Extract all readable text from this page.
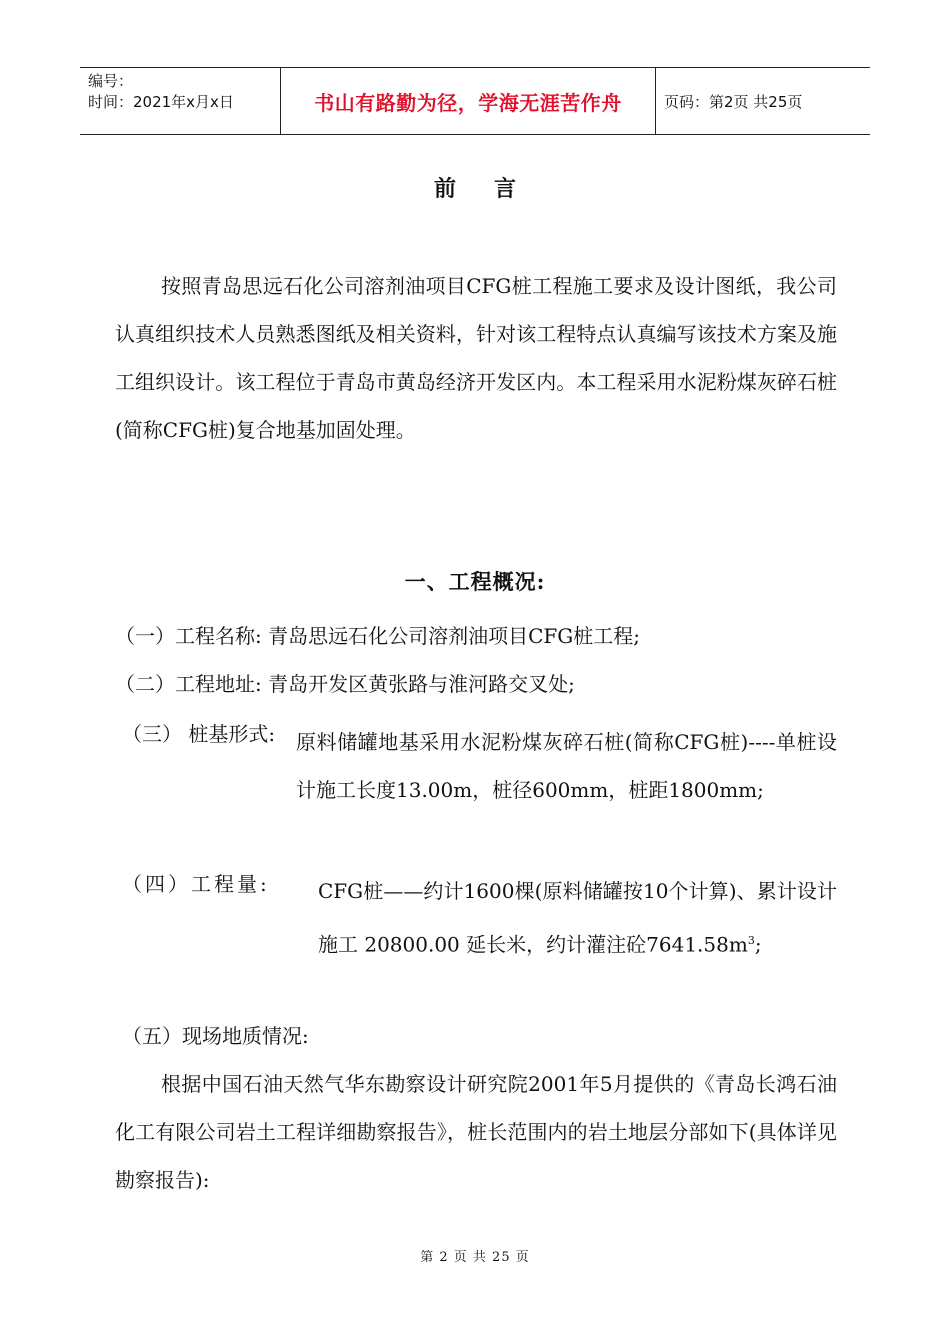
编号：
时间：2021年x月x日	书山有路勤为径，学海无涯苦作舟	页码：第2页 共25页
前言

按照青岛思远石化公司溶剂油项目CFG桩工程施工要求及设计图纸，我公司认真组织技术人员熟悉图纸及相关资料，针对该工程特点认真编写该技术方案及施工组织设计。该工程位于青岛市黄岛经济开发区内。本工程采用水泥粉煤灰碎石桩(简称CFG桩)复合地基加固处理。

一、工程概况:

（一）工程名称: 青岛思远石化公司溶剂油项目CFG桩工程;

（二）工程地址: 青岛开发区黄张路与淮河路交叉处;

（三） 桩基形式: 原料储罐地基采用水泥粉煤灰碎石桩(简称CFG桩)----单桩设计施工长度13.00m，桩径600mm，桩距1800mm;

（四）工程量: CFG桩——约计1600棵(原料储罐按10个计算)、累计设计施工 20800.00 延长米，约计灌注砼$7641.58m^3$;

（五）现场地质情况:

根据中国石油天然气华东勘察设计研究院2001年5月提供的《青岛长鸿石油化工有限公司岩土工程详细勘察报告》，桩长范围内的岩土地层分部如下(具体详见勘察报告):

第 2 页 共 25 页
